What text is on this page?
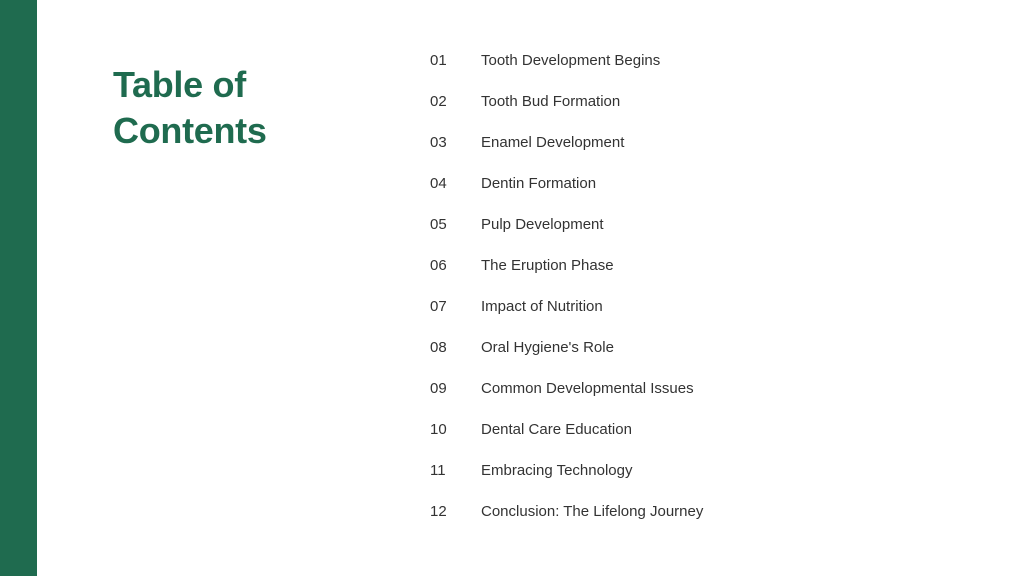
Table of
Contents
01	Tooth Development Begins
02	Tooth Bud Formation
03	Enamel Development
04	Dentin Formation
05	Pulp Development
06	The Eruption Phase
07	Impact of Nutrition
08	Oral Hygiene's Role
09	Common Developmental Issues
10	Dental Care Education
11	Embracing Technology
12	Conclusion: The Lifelong Journey
